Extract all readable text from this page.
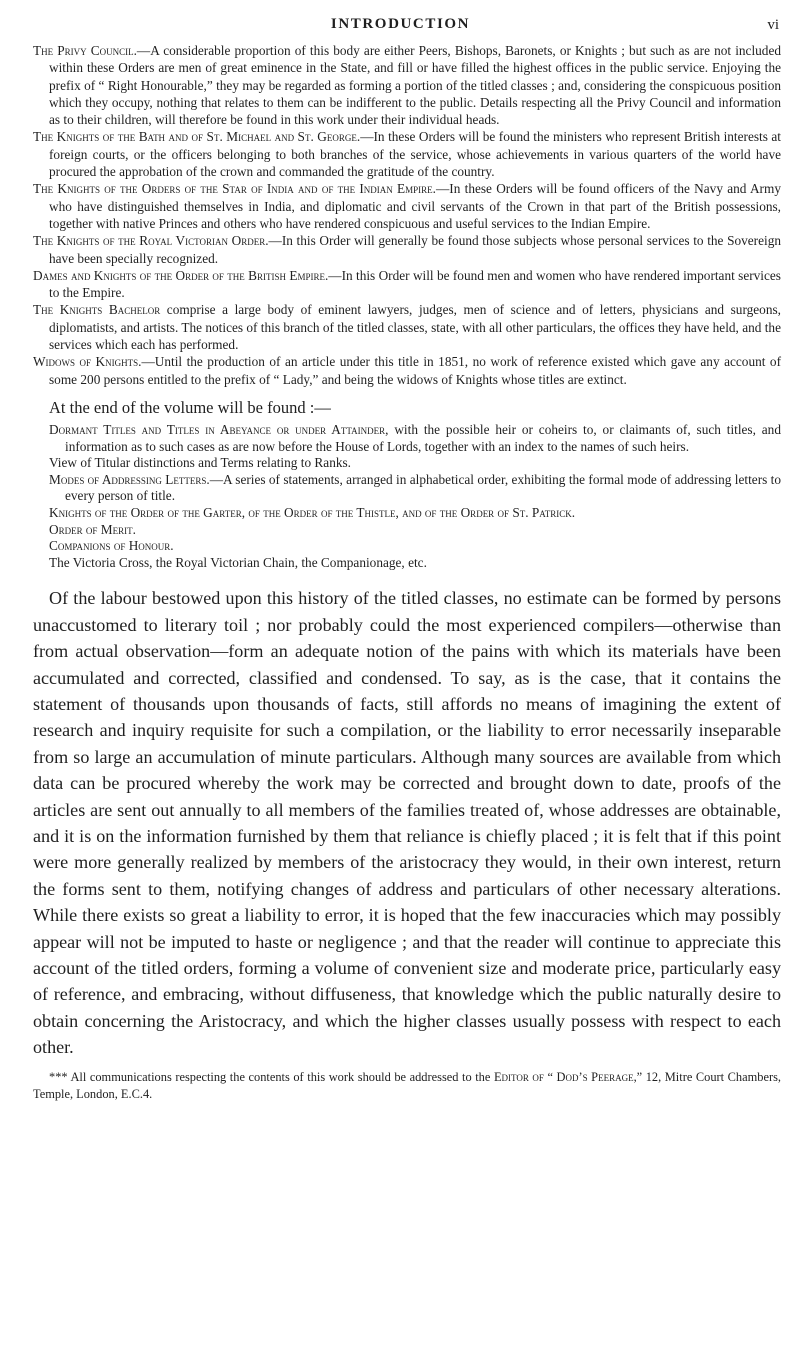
INTRODUCTION	vi

The Privy Council.—A considerable proportion of this body are either Peers, Bishops, Baronets, or Knights ; but such as are not included within these Orders are men of great eminence in the State, and fill or have filled the highest offices in the public service. Enjoying the prefix of “ Right Honourable,” they may be regarded as forming a portion of the titled classes ; and, considering the conspicuous position which they occupy, nothing that relates to them can be indifferent to the public. Details respecting all the Privy Council and information as to their children, will therefore be found in this work under their individual heads.

The Knights of the Bath and of St. Michael and St. George.—In these Orders will be found the ministers who represent British interests at foreign courts, or the officers belonging to both branches of the service, whose achievements in various quarters of the world have procured the approbation of the crown and commanded the gratitude of the country.

The Knights of the Orders of the Star of India and of the Indian Empire.—In these Orders will be found officers of the Navy and Army who have distinguished themselves in India, and diplomatic and civil servants of the Crown in that part of the British possessions, together with native Princes and others who have rendered conspicuous and useful services to the Indian Empire.

The Knights of the Royal Victorian Order.—In this Order will generally be found those subjects whose personal services to the Sovereign have been specially recognized.

Dames and Knights of the Order of the British Empire.—In this Order will be found men and women who have rendered important services to the Empire.

The Knights Bachelor comprise a large body of eminent lawyers, judges, men of science and of letters, physicians and surgeons, diplomatists, and artists. The notices of this branch of the titled classes, state, with all other particulars, the offices they have held, and the services which each has performed.

Widows of Knights.—Until the production of an article under this title in 1851, no work of reference existed which gave any account of some 200 persons entitled to the prefix of “ Lady,” and being the widows of Knights whose titles are extinct.

At the end of the volume will be found :—

Dormant Titles and Titles in Abeyance or under Attainder, with the possible heir or coheirs to, or claimants of, such titles, and information as to such cases as are now before the House of Lords, together with an index to the names of such heirs.

View of Titular distinctions and Terms relating to Ranks.

Modes of Addressing Letters.—A series of statements, arranged in alphabetical order, exhibiting the formal mode of addressing letters to every person of title.

Knights of the Order of the Garter, of the Order of the Thistle, and of the Order of St. Patrick.

Order of Merit.

Companions of Honour.

The Victoria Cross, the Royal Victorian Chain, the Companionage, etc.

Of the labour bestowed upon this history of the titled classes, no estimate can be formed by persons unaccustomed to literary toil ; nor probably could the most experienced compilers—otherwise than from actual observation—form an adequate notion of the pains with which its materials have been accumulated and corrected, classified and condensed. To say, as is the case, that it contains the statement of thousands upon thousands of facts, still affords no means of imagining the extent of research and inquiry requisite for such a compilation, or the liability to error necessarily inseparable from so large an accumulation of minute particulars. Although many sources are available from which data can be procured whereby the work may be corrected and brought down to date, proofs of the articles are sent out annually to all members of the families treated of, whose addresses are obtainable, and it is on the information furnished by them that reliance is chiefly placed ; it is felt that if this point were more generally realized by members of the aristocracy they would, in their own interest, return the forms sent to them, notifying changes of address and particulars of other necessary alterations. While there exists so great a liability to error, it is hoped that the few inaccuracies which may possibly appear will not be imputed to haste or negligence ; and that the reader will continue to appreciate this account of the titled orders, forming a volume of convenient size and moderate price, particularly easy of reference, and embracing, without diffuseness, that knowledge which the public naturally desire to obtain concerning the Aristocracy, and which the higher classes usually possess with respect to each other.

*** All communications respecting the contents of this work should be addressed to the Editor of “ Dod’s Peerage,” 12, Mitre Court Chambers, Temple, London, E.C.4.
